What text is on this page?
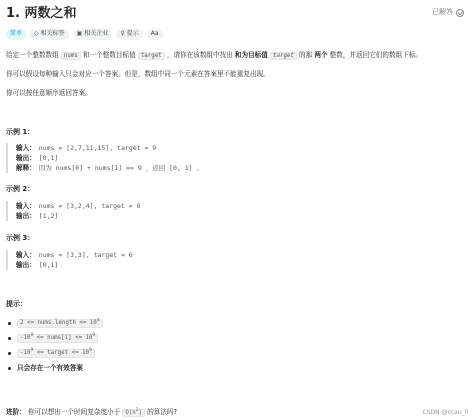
1. 两数之和	已解答
简单	◇ 相关标签 ▣ 相关企业 ♀ 提示 Aa
给定一个整数数组 nums 和一个整数目标值 target ，请你在该数组中找出 和为目标值 target 的那 两个 整数，并返回它们的数组下标。
你可以假设每种输入只会对应一个答案。但是，数组中同一个元素在答案里不能重复出现。
你可以按任意顺序返回答案。
示例 1：
输入： nums = [2,7,11,15], target = 9
输出： [0,1]
解释： 因为 nums[0] + nums[1] == 9 ，返回 [0, 1] 。
示例 2：
输入： nums = [3,2,4], target = 6
输出： [1,2]
示例 3：
输入： nums = [3,3], target = 6
输出： [0,1]
提示：
2 <= nums.length <= $10^4$
$-10^9$ <= nums[i] <= $10^9$
$-10^9$ <= target <= $10^9$
只会存在一个有效答案
进阶： 你可以想出一个时间复杂度小于 $O(n^2)$ 的算法吗?	CSDN @ccau_ll
